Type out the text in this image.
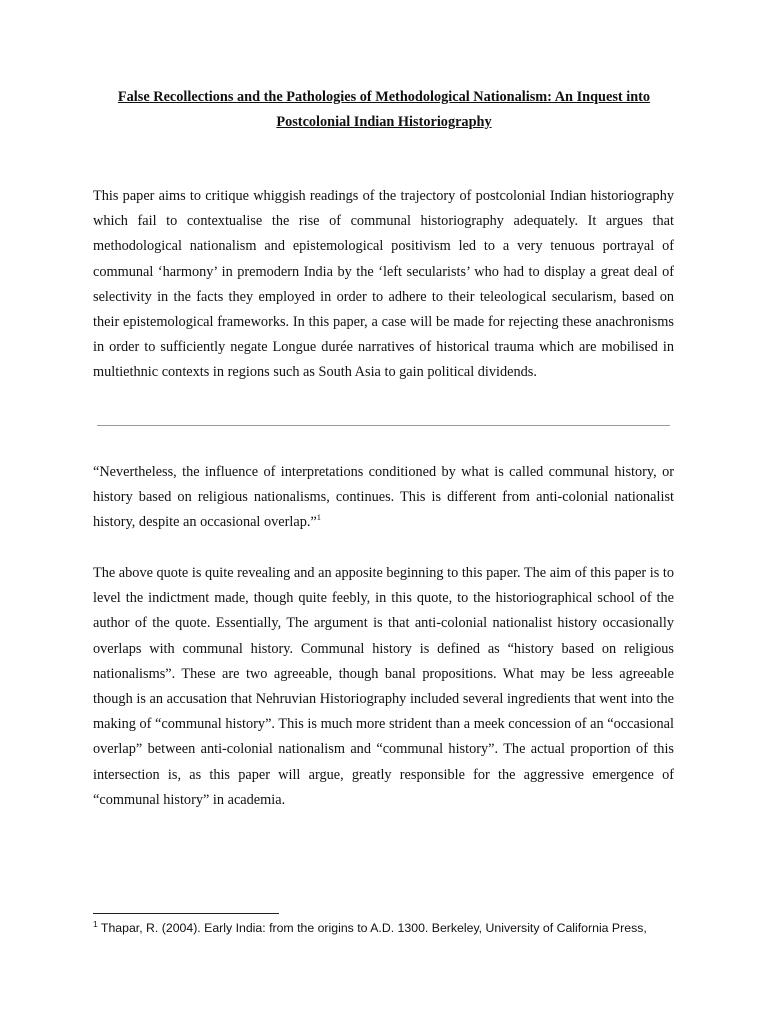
False Recollections and the Pathologies of Methodological Nationalism: An Inquest into Postcolonial Indian Historiography

This paper aims to critique whiggish readings of the trajectory of postcolonial Indian historiography which fail to contextualise the rise of communal historiography adequately. It argues that methodological nationalism and epistemological positivism led to a very tenuous portrayal of communal ‘harmony’ in premodern India by the ‘left secularists’ who had to display a great deal of selectivity in the facts they employed in order to adhere to their teleological secularism, based on their epistemological frameworks. In this paper, a case will be made for rejecting these anachronisms in order to sufficiently negate Longue durée narratives of historical trauma which are mobilised in multiethnic contexts in regions such as South Asia to gain political dividends.

“Nevertheless, the influence of interpretations conditioned by what is called communal history, or history based on religious nationalisms, continues. This is different from anti-colonial nationalist history, despite an occasional overlap.”$^1$

The above quote is quite revealing and an apposite beginning to this paper. The aim of this paper is to level the indictment made, though quite feebly, in this quote, to the historiographical school of the author of the quote. Essentially, The argument is that anti-colonial nationalist history occasionally overlaps with communal history. Communal history is defined as “history based on religious nationalisms”. These are two agreeable, though banal propositions. What may be less agreeable though is an accusation that Nehruvian Historiography included several ingredients that went into the making of “communal history”. This is much more strident than a meek concession of an “occasional overlap” between anti-colonial nationalism and “communal history”. The actual proportion of this intersection is, as this paper will argue, greatly responsible for the aggressive emergence of “communal history” in academia.

$^1$ Thapar, R. (2004). Early India: from the origins to A.D. 1300. Berkeley, University of California Press,
